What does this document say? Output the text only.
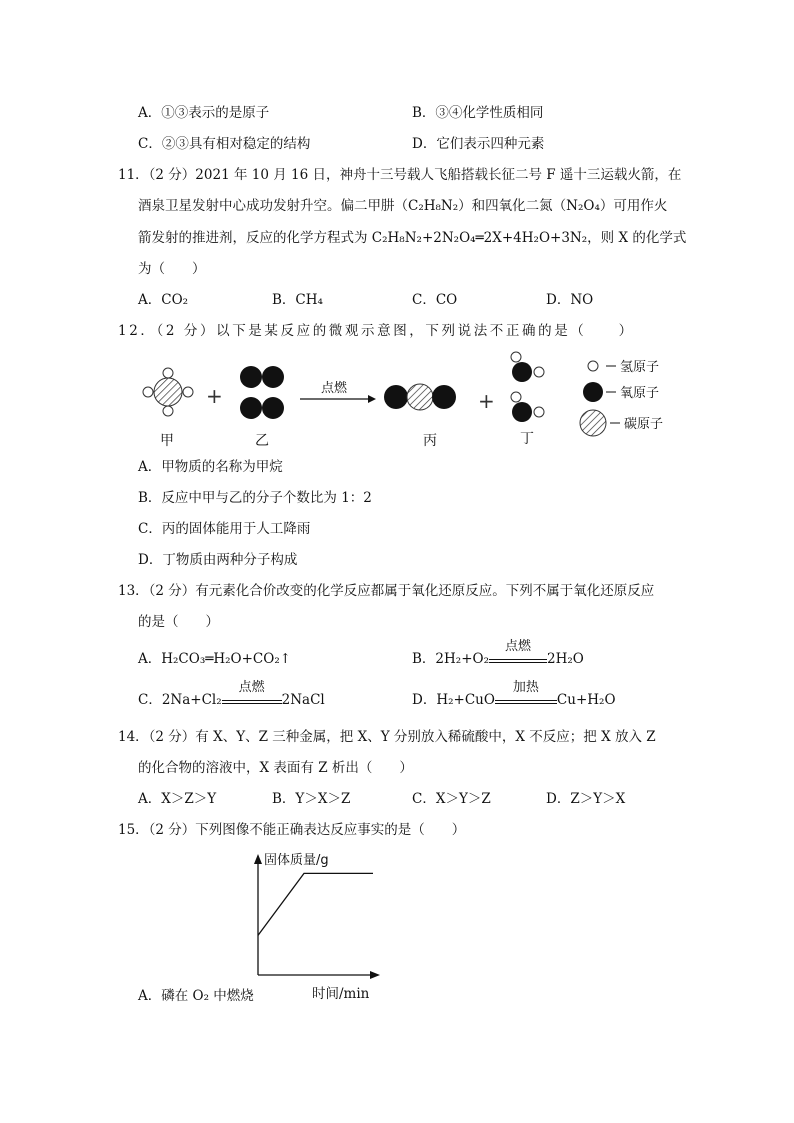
A．①③表示的是原子	B．③④化学性质相同
C．②③具有相对稳定的结构	D．它们表示四种元素
11．（2 分）2021 年 10 月 16 日，神舟十三号载人飞船搭载长征二号 F 遥十三运载火箭，在
酒泉卫星发射中心成功发射升空。偏二甲肼（C₂H₈N₂）和四氧化二氮（N₂O₄）可用作火
箭发射的推进剂，反应的化学方程式为 C₂H₈N₂+2N₂O₄═2X+4H₂O+3N₂，则 X 的化学式
为（　　）
A．CO₂	B．CH₄	C．CO	D．NO
12．（2 分）以下是某反应的微观示意图，下列说法不正确的是（　　）
+	点燃
+
氢原子
氧原子
碳原子
甲	乙	丙	丁
A．甲物质的名称为甲烷
B．反应中甲与乙的分子个数比为 1：2
C．丙的固体能用于人工降雨
D．丁物质由两种分子构成
13．（2 分）有元素化合价改变的化学反应都属于氧化还原反应。下列不属于氧化还原反应
的是（　　）
A．H₂CO₃═H₂O+CO₂↑	B．2H₂+O₂
点燃
2H₂O
C．2Na+Cl₂
点燃
2NaCl	D．H₂+CuO
加热
Cu+H₂O
14．（2 分）有 X、Y、Z 三种金属，把 X、Y 分别放入稀硫酸中，X 不反应；把 X 放入 Z
的化合物的溶液中，X 表面有 Z 析出（　　）
A．X＞Z＞Y	B．Y＞X＞Z	C．X＞Y＞Z	D．Z＞Y＞X
15．（2 分）下列图像不能正确表达反应事实的是（　　）
固体质量/g
A．磷在 O₂ 中燃烧	时间/min
